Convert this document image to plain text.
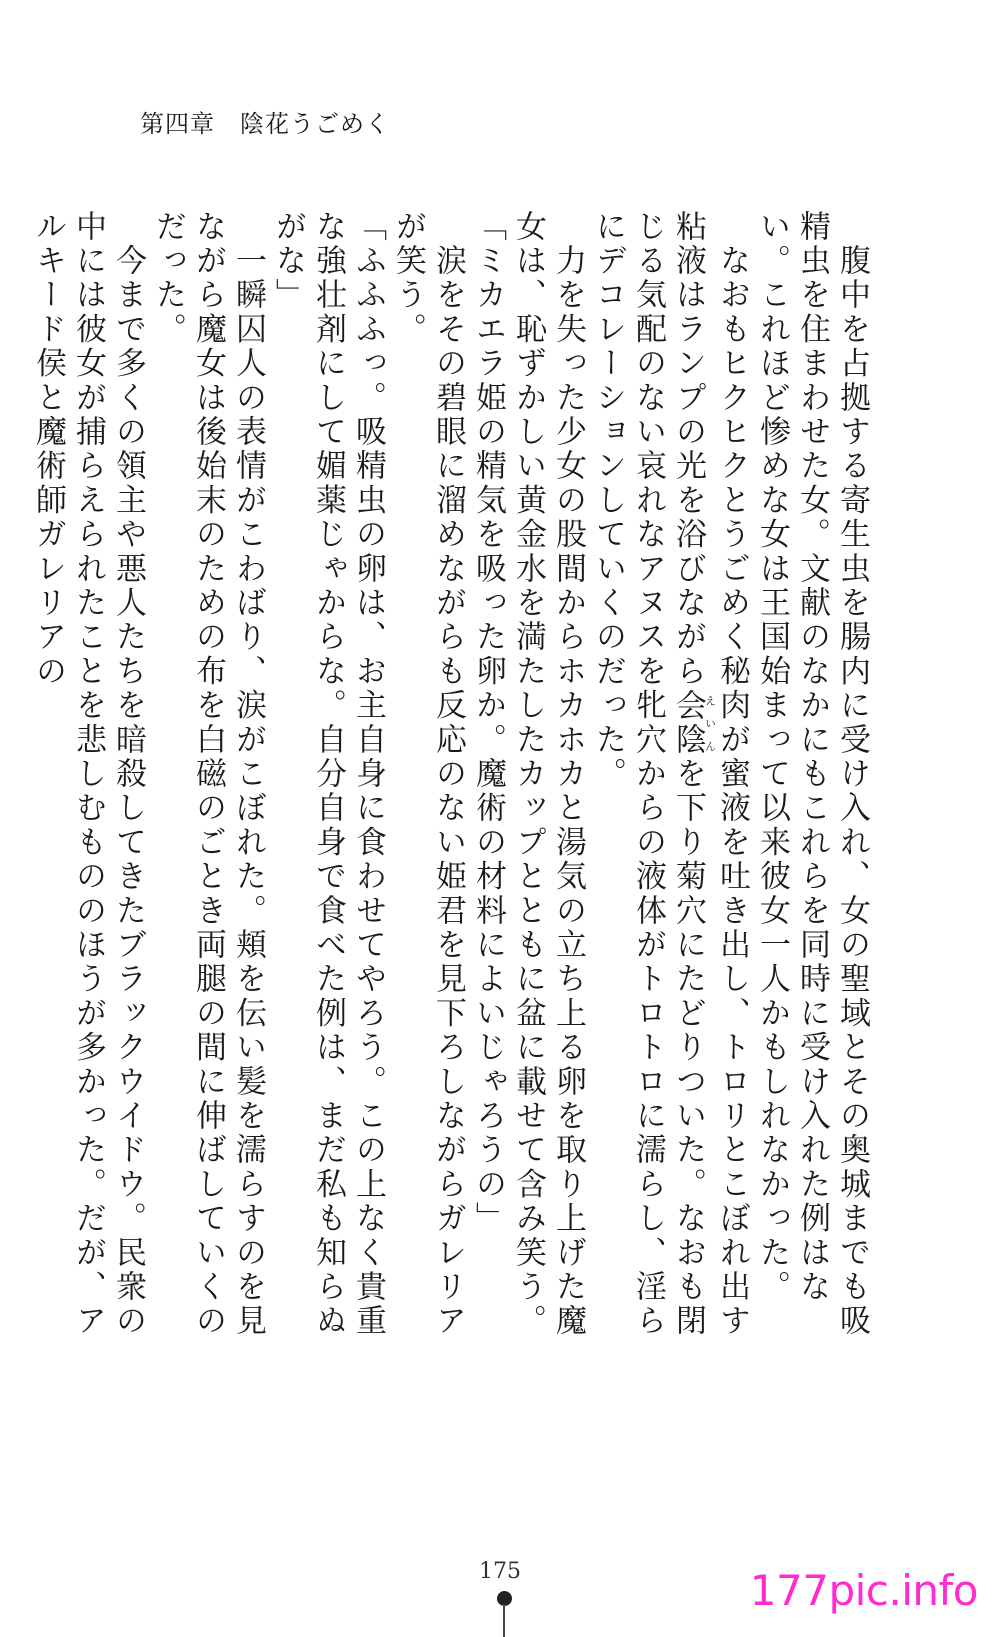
第四章　陰花うごめく

　腹中を占拠する寄生虫を腸内に受け入れ、女の聖域とその奥城までも吸精虫を住まわせた女。文献のなかにもこれらを同時に受け入れた例はない。これほど惨めな女は王国始まって以来彼女一人かもしれなかった。

　なおもヒクヒクとうごめく秘肉が蜜液を吐き出し、トロリとこぼれ出す粘液はランプの光を浴びながら会陰えいんを下り菊穴にたどりついた。なおも閉じる気配のない哀れなアヌスを牝穴からの液体がトロトロに濡らし、淫らにデコレーションしていくのだった。

　力を失った少女の股間からホカホカと湯気の立ち上る卵を取り上げた魔女は、恥ずかしい黄金水を満たしたカップとともに盆に載せて含み笑う。

「ミカエラ姫の精気を吸った卵か。魔術の材料によいじゃろうの」

　涙をその碧眼に溜めながらも反応のない姫君を見下ろしながらガレリアが笑う。

「ふふふっ。吸精虫の卵は、お主自身に食わせてやろう。この上なく貴重な強壮剤にして媚薬じゃからな。自分自身で食べた例は、まだ私も知らぬがな」

　一瞬囚人の表情がこわばり、涙がこぼれた。頬を伝い髪を濡らすのを見ながら魔女は後始末のための布を白磁のごとき両腿の間に伸ばしていくのだった。

　今まで多くの領主や悪人たちを暗殺してきたブラックウイドウ。民衆の中には彼女が捕らえられたことを悲しむもののほうが多かった。だが、アルキード侯と魔術師ガレリアの

175	177pic.info
